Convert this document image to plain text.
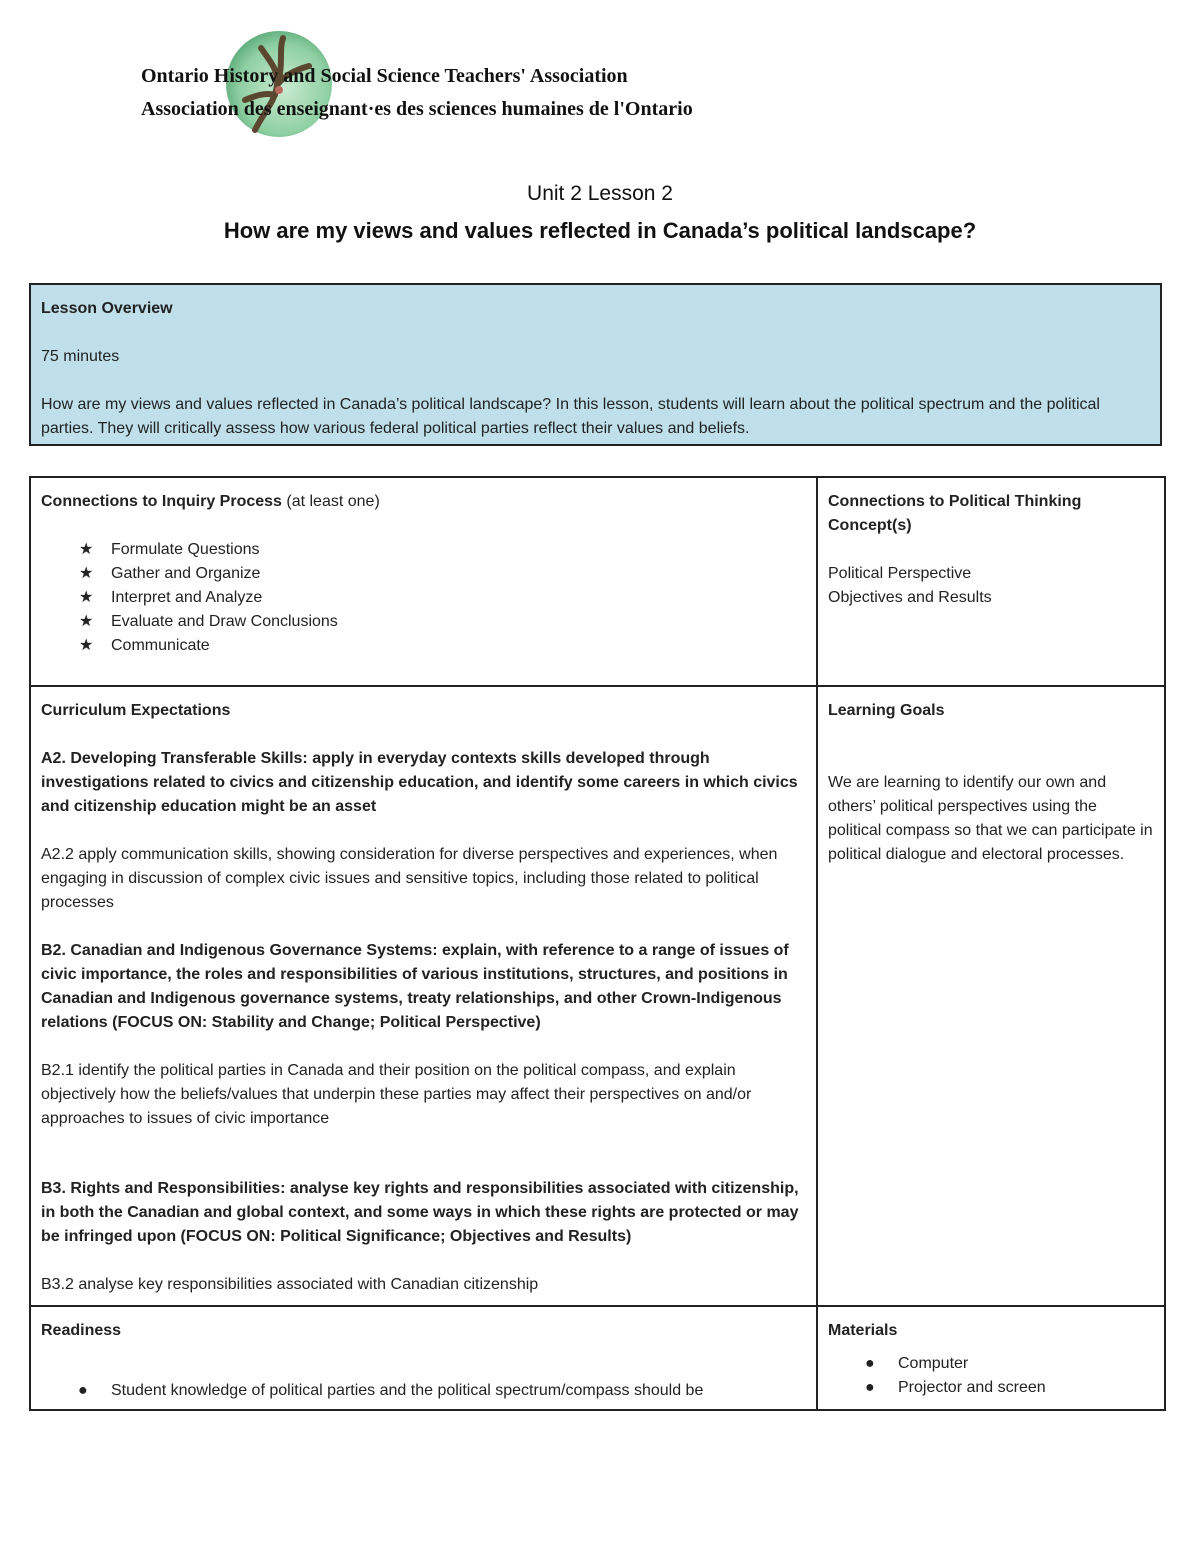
Ontario History and Social Science Teachers' Association
Association des enseignant·es des sciences humaines de l'Ontario
Unit 2 Lesson 2
How are my views and values reflected in Canada’s political landscape?

Lesson Overview

75 minutes

How are my views and values reflected in Canada’s political landscape? In this lesson, students will learn about the political spectrum and the political parties. They will critically assess how various federal political parties reflect their values and beliefs.

Connections to Inquiry Process (at least one)

★ Formulate Questions
★ Gather and Organize
★ Interpret and Analyze
★ Evaluate and Draw Conclusions
★ Communicate

Connections to Political Thinking Concept(s)

Political Perspective

Objectives and Results

Curriculum Expectations

A2. Developing Transferable Skills: apply in everyday contexts skills developed through investigations related to civics and citizenship education, and identify some careers in which civics and citizenship education might be an asset

A2.2 apply communication skills, showing consideration for diverse perspectives and experiences, when engaging in discussion of complex civic issues and sensitive topics, including those related to political processes

B2. Canadian and Indigenous Governance Systems: explain, with reference to a range of issues of civic importance, the roles and responsibilities of various institutions, structures, and positions in Canadian and Indigenous governance systems, treaty relationships, and other Crown-Indigenous relations (FOCUS ON: Stability and Change; Political Perspective)

B2.1 identify the political parties in Canada and their position on the political compass, and explain objectively how the beliefs/values that underpin these parties may affect their perspectives on and/or approaches to issues of civic importance

B3. Rights and Responsibilities: analyse key rights and responsibilities associated with citizenship, in both the Canadian and global context, and some ways in which these rights are protected or may be infringed upon (FOCUS ON: Political Significance; Objectives and Results)

B3.2 analyse key responsibilities associated with Canadian citizenship

Learning Goals

We are learning to identify our own and others’ political perspectives using the political compass so that we can participate in political dialogue and electoral processes.

Readiness

● Student knowledge of political parties and the political spectrum/compass should be

Materials

● Computer
● Projector and screen
